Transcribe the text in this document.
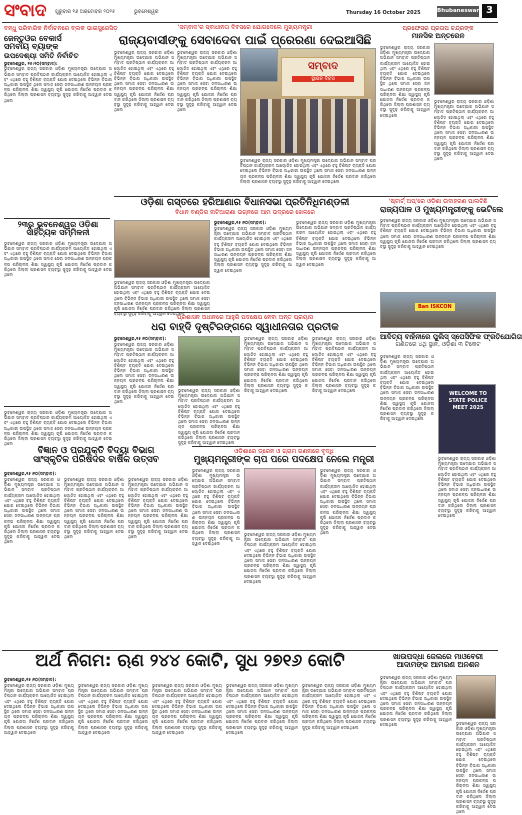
ସଂବାଦ ଗୁରୁବାର ୧୬ ଅକ୍ଟୋବର ୨୦୨୫	ଭୁବନେଶ୍ୱର	Thursday 16 October 2025	Bhubaneswar 3
ବନ୍ଧୁ ପରିବାରିକ ନିର୍ବାଚନରେ ବ୍ଲକ ଭାଇସ୍ପ୍ରେସିଡ଼
ଜେନ୍ତୁଓର ବେକାର୍ସ
ସମବାୟ ବ୍ୟାଙ୍କ
ଉପଦେଶ୍ୟା ସମିତି ନିର୍ବାଚିତ
ଭୁବନେଶ୍ୱର, ୧୫।୧୦(ସମ୍ବାଦ):
ଭୁବନେଶ୍ୱର ରାଜ୍ୟ ସରକାର ଓଡ଼ିଶା ମୁଖ୍ୟମନ୍ତ୍ରୀ ଉଦ୍ଯୋଗ ଅଭିଯାନ ସମ୍ବାଦ ପ୍ରତିଷ୍ଠାନ କାର୍ଯ୍ୟକ୍ରମ ଆୟୋଜିତ ହୋଇଥିଲା ଏବଂ ଏଥିରେ ବହୁ ବିଶିଷ୍ଟ ବ୍ୟକ୍ତି ଯୋଗ ଦେଇଥିଲେ ବିଭିନ୍ନ ବିଭାଗ ଅଧିକାରୀ ଉପସ୍ଥିତ ଥିଲେ ସମାଜ ସେବା ଜନସାଧାରଣ ଉନ୍ନୟନ ପ୍ରକଳ୍ପ ପରିଚାଳନା ଶିକ୍ଷା ସ୍ୱାସ୍ଥ୍ୟ କୃଷି ଯୋଜନା ନିର୍ଦ୍ଦେଶ ପ୍ରଦାନ କରିଥିଲେ ଜିଲ୍ଲା ପ୍ରଶାସନ ବ୍ୟବସ୍ଥା ସୁଦୃଢ଼ କରିବାକୁ ଆହ୍ୱାନ ଦେଇଥିଲେ
୨୩ରୁ ଭୁବନେଶ୍ୱର ଓଡ଼ିଶା
ସାହିତ୍ୟିକ ସମ୍ମିଳନୀ
ଭୁବନେଶ୍ୱର ରାଜ୍ୟ ସରକାର ଓଡ଼ିଶା ମୁଖ୍ୟମନ୍ତ୍ରୀ ଉଦ୍ଯୋଗ ଅଭିଯାନ ସମ୍ବାଦ ପ୍ରତିଷ୍ଠାନ କାର୍ଯ୍ୟକ୍ରମ ଆୟୋଜିତ ହୋଇଥିଲା ଏବଂ ଏଥିରେ ବହୁ ବିଶିଷ୍ଟ ବ୍ୟକ୍ତି ଯୋଗ ଦେଇଥିଲେ ବିଭିନ୍ନ ବିଭାଗ ଅଧିକାରୀ ଉପସ୍ଥିତ ଥିଲେ ସମାଜ ସେବା ଜନସାଧାରଣ ଉନ୍ନୟନ ପ୍ରକଳ୍ପ ପରିଚାଳନା ଶିକ୍ଷା ସ୍ୱାସ୍ଥ୍ୟ କୃଷି ଯୋଜନା ନିର୍ଦ୍ଦେଶ ପ୍ରଦାନ କରିଥିଲେ ଜିଲ୍ଲା ପ୍ରଶାସନ ବ୍ୟବସ୍ଥା ସୁଦୃଢ଼ କରିବାକୁ ଆହ୍ୱାନ ଦେଇଥିଲେ
'ସମ୍ବାଦ'ର ସ୍ବାଧୀନତା ଦିବସରେ ଯୋଗଦେଲେ ମୁଖ୍ୟମନ୍ତ୍ରୀ
ରାଜ୍ୟବାସୀଙ୍କୁ ସେବାଦେବା ପାଇଁ ପ୍ରେରଣା ଦେଇଆସିଛି
ଭୁବନେଶ୍ୱର ରାଜ୍ୟ ସରକାର ଓଡ଼ିଶା ମୁଖ୍ୟମନ୍ତ୍ରୀ ଉଦ୍ଯୋଗ ଅଭିଯାନ ସମ୍ବାଦ ପ୍ରତିଷ୍ଠାନ କାର୍ଯ୍ୟକ୍ରମ ଆୟୋଜିତ ହୋଇଥିଲା ଏବଂ ଏଥିରେ ବହୁ ବିଶିଷ୍ଟ ବ୍ୟକ୍ତି ଯୋଗ ଦେଇଥିଲେ ବିଭିନ୍ନ ବିଭାଗ ଅଧିକାରୀ ଉପସ୍ଥିତ ଥିଲେ ସମାଜ ସେବା ଜନସାଧାରଣ ଉନ୍ନୟନ ପ୍ରକଳ୍ପ ପରିଚାଳନା ଶିକ୍ଷା ସ୍ୱାସ୍ଥ୍ୟ କୃଷି ଯୋଜନା ନିର୍ଦ୍ଦେଶ ପ୍ରଦାନ କରିଥିଲେ ଜିଲ୍ଲା ପ୍ରଶାସନ ବ୍ୟବସ୍ଥା ସୁଦୃଢ଼ କରିବାକୁ ଆହ୍ୱାନ ଦେଇଥିଲେ
ଭୁବନେଶ୍ୱର ରାଜ୍ୟ ସରକାର ଓଡ଼ିଶା ମୁଖ୍ୟମନ୍ତ୍ରୀ ଉଦ୍ଯୋଗ ଅଭିଯାନ ସମ୍ବାଦ ପ୍ରତିଷ୍ଠାନ କାର୍ଯ୍ୟକ୍ରମ ଆୟୋଜିତ ହୋଇଥିଲା ଏବଂ ଏଥିରେ ବହୁ ବିଶିଷ୍ଟ ବ୍ୟକ୍ତି ଯୋଗ ଦେଇଥିଲେ ବିଭିନ୍ନ ବିଭାଗ ଅଧିକାରୀ ଉପସ୍ଥିତ ଥିଲେ ସମାଜ ସେବା ଜନସାଧାରଣ ଉନ୍ନୟନ ପ୍ରକଳ୍ପ ପରିଚାଳନା ଶିକ୍ଷା ସ୍ୱାସ୍ଥ୍ୟ କୃଷି ଯୋଜନା ନିର୍ଦ୍ଦେଶ ପ୍ରଦାନ କରିଥିଲେ ଜିଲ୍ଲା ପ୍ରଶାସନ ବ୍ୟବସ୍ଥା ସୁଦୃଢ଼ କରିବାକୁ ଆହ୍ୱାନ ଦେଇଥିଲେ
ସମ୍ବାଦ
ସ୍ଥାପନ ଦିବସ
ଭୁବନେଶ୍ୱର ରାଜ୍ୟ ସରକାର ଓଡ଼ିଶା ମୁଖ୍ୟମନ୍ତ୍ରୀ ଉଦ୍ଯୋଗ ଅଭିଯାନ ସମ୍ବାଦ ପ୍ରତିଷ୍ଠାନ କାର୍ଯ୍ୟକ୍ରମ ଆୟୋଜିତ ହୋଇଥିଲା ଏବଂ ଏଥିରେ ବହୁ ବିଶିଷ୍ଟ ବ୍ୟକ୍ତି ଯୋଗ ଦେଇଥିଲେ ବିଭିନ୍ନ ବିଭାଗ ଅଧିକାରୀ ଉପସ୍ଥିତ ଥିଲେ ସମାଜ ସେବା ଜନସାଧାରଣ ଉନ୍ନୟନ ପ୍ରକଳ୍ପ ପରିଚାଳନା ଶିକ୍ଷା ସ୍ୱାସ୍ଥ୍ୟ କୃଷି ଯୋଜନା ନିର୍ଦ୍ଦେଶ ପ୍ରଦାନ କରିଥିଲେ ଜିଲ୍ଲା ପ୍ରଶାସନ ବ୍ୟବସ୍ଥା ସୁଦୃଢ଼ କରିବାକୁ ଆହ୍ୱାନ ଦେଇଥିଲେ
ପ୍ରଫେସର ପ୍ରତାପ ଚନ୍ଦ୍ରଙ୍କ
ମାନସିକ ଅନ୍ତରେନ
ଭୁବନେଶ୍ୱର ରାଜ୍ୟ ସରକାର ଓଡ଼ିଶା ମୁଖ୍ୟମନ୍ତ୍ରୀ ଉଦ୍ଯୋଗ ଅଭିଯାନ ସମ୍ବାଦ ପ୍ରତିଷ୍ଠାନ କାର୍ଯ୍ୟକ୍ରମ ଆୟୋଜିତ ହୋଇଥିଲା ଏବଂ ଏଥିରେ ବହୁ ବିଶିଷ୍ଟ ବ୍ୟକ୍ତି ଯୋଗ ଦେଇଥିଲେ ବିଭିନ୍ନ ବିଭାଗ ଅଧିକାରୀ ଉପସ୍ଥିତ ଥିଲେ ସମାଜ ସେବା ଜନସାଧାରଣ ଉନ୍ନୟନ ପ୍ରକଳ୍ପ ପରିଚାଳନା ଶିକ୍ଷା ସ୍ୱାସ୍ଥ୍ୟ କୃଷି ଯୋଜନା ନିର୍ଦ୍ଦେଶ ପ୍ରଦାନ କରିଥିଲେ ଜିଲ୍ଲା ପ୍ରଶାସନ ବ୍ୟବସ୍ଥା ସୁଦୃଢ଼ କରିବାକୁ ଆହ୍ୱାନ ଦେଇଥିଲେ
ଭୁବନେଶ୍ୱର ରାଜ୍ୟ ସରକାର ଓଡ଼ିଶା ମୁଖ୍ୟମନ୍ତ୍ରୀ ଉଦ୍ଯୋଗ ଅଭିଯାନ ସମ୍ବାଦ ପ୍ରତିଷ୍ଠାନ କାର୍ଯ୍ୟକ୍ରମ ଆୟୋଜିତ ହୋଇଥିଲା ଏବଂ ଏଥିରେ ବହୁ ବିଶିଷ୍ଟ ବ୍ୟକ୍ତି ଯୋଗ ଦେଇଥିଲେ ବିଭିନ୍ନ ବିଭାଗ ଅଧିକାରୀ ଉପସ୍ଥିତ ଥିଲେ ସମାଜ ସେବା ଜନସାଧାରଣ ଉନ୍ନୟନ ପ୍ରକଳ୍ପ ପରିଚାଳନା ଶିକ୍ଷା ସ୍ୱାସ୍ଥ୍ୟ କୃଷି ଯୋଜନା ନିର୍ଦ୍ଦେଶ ପ୍ରଦାନ କରିଥିଲେ ଜିଲ୍ଲା ପ୍ରଶାସନ ବ୍ୟବସ୍ଥା ସୁଦୃଢ଼ କରିବାକୁ ଆହ୍ୱାନ ଦେଇଥିଲେ
ଓଡ଼ିଶା ଗସ୍ତରେ ହରିଆଣାର ବିଧାନସଭା ପ୍ରତିନିଧିମଣ୍ଡଳୀ
ବିଧାନ ବଣ୍ଡିର ନାଟିଆରାଣା ଭଗ୍ନରେ ଆମ ଭଦ୍ରରେ ଖେଳରେ
ଭୁବନେଶ୍ୱର ରାଜ୍ୟ ସରକାର ଓଡ଼ିଶା ମୁଖ୍ୟମନ୍ତ୍ରୀ ଉଦ୍ଯୋଗ ଅଭିଯାନ ସମ୍ବାଦ ପ୍ରତିଷ୍ଠାନ କାର୍ଯ୍ୟକ୍ରମ ଆୟୋଜିତ ହୋଇଥିଲା ଏବଂ ଏଥିରେ ବହୁ ବିଶିଷ୍ଟ ବ୍ୟକ୍ତି ଯୋଗ ଦେଇଥିଲେ ବିଭିନ୍ନ ବିଭାଗ ଅଧିକାରୀ ଉପସ୍ଥିତ ଥିଲେ ସମାଜ ସେବା ଜନସାଧାରଣ ଉନ୍ନୟନ ପ୍ରକଳ୍ପ ପରିଚାଳନା ଶିକ୍ଷା ସ୍ୱାସ୍ଥ୍ୟ କୃଷି ଯୋଜନା ନିର୍ଦ୍ଦେଶ ପ୍ରଦାନ କରିଥିଲେ ଜିଲ୍ଲା ପ୍ରଶାସନ ବ୍ୟବସ୍ଥା ସୁଦୃଢ଼ କରିବାକୁ ଆହ୍ୱାନ ଦେଇଥିଲେ
ଭୁବନେଶ୍ୱର,୧୫।୧୦(ସମ୍ବାଦ):
ଭୁବନେଶ୍ୱର ରାଜ୍ୟ ସରକାର ଓଡ଼ିଶା ମୁଖ୍ୟମନ୍ତ୍ରୀ ଉଦ୍ଯୋଗ ଅଭିଯାନ ସମ୍ବାଦ ପ୍ରତିଷ୍ଠାନ କାର୍ଯ୍ୟକ୍ରମ ଆୟୋଜିତ ହୋଇଥିଲା ଏବଂ ଏଥିରେ ବହୁ ବିଶିଷ୍ଟ ବ୍ୟକ୍ତି ଯୋଗ ଦେଇଥିଲେ ବିଭିନ୍ନ ବିଭାଗ ଅଧିକାରୀ ଉପସ୍ଥିତ ଥିଲେ ସମାଜ ସେବା ଜନସାଧାରଣ ଉନ୍ନୟନ ପ୍ରକଳ୍ପ ପରିଚାଳନା ଶିକ୍ଷା ସ୍ୱାସ୍ଥ୍ୟ କୃଷି ଯୋଜନା ନିର୍ଦ୍ଦେଶ ପ୍ରଦାନ କରିଥିଲେ ଜିଲ୍ଲା ପ୍ରଶାସନ ବ୍ୟବସ୍ଥା ସୁଦୃଢ଼ କରିବାକୁ ଆହ୍ୱାନ ଦେଇଥିଲେ
ଭୁବନେଶ୍ୱର ରାଜ୍ୟ ସରକାର ଓଡ଼ିଶା ମୁଖ୍ୟମନ୍ତ୍ରୀ ଉଦ୍ଯୋଗ ଅଭିଯାନ ସମ୍ବାଦ ପ୍ରତିଷ୍ଠାନ କାର୍ଯ୍ୟକ୍ରମ ଆୟୋଜିତ ହୋଇଥିଲା ଏବଂ ଏଥିରେ ବହୁ ବିଶିଷ୍ଟ ବ୍ୟକ୍ତି ଯୋଗ ଦେଇଥିଲେ ବିଭିନ୍ନ ବିଭାଗ ଅଧିକାରୀ ଉପସ୍ଥିତ ଥିଲେ ସମାଜ ସେବା ଜନସାଧାରଣ ଉନ୍ନୟନ ପ୍ରକଳ୍ପ ପରିଚାଳନା ଶିକ୍ଷା ସ୍ୱାସ୍ଥ୍ୟ କୃଷି ଯୋଜନା ନିର୍ଦ୍ଦେଶ ପ୍ରଦାନ କରିଥିଲେ ଜିଲ୍ଲା ପ୍ରଶାସନ ବ୍ୟବସ୍ଥା ସୁଦୃଢ଼ କରିବାକୁ ଆହ୍ୱାନ ଦେଇଥିଲେ
'ଷ୍ଟାର୍ଟ୍ ଅପ୍'ରେ ଓଡ଼ିଶା ଉଦାହରଣ ପାଲଟିଛି
ରାଜ୍ୟପାଳ ଓ ମୁଖ୍ୟମନ୍ତ୍ରୀଙ୍କୁ ଭେଟିଲେ
ଭୁବନେଶ୍ୱର ରାଜ୍ୟ ସରକାର ଓଡ଼ିଶା ମୁଖ୍ୟମନ୍ତ୍ରୀ ଉଦ୍ଯୋଗ ଅଭିଯାନ ସମ୍ବାଦ ପ୍ରତିଷ୍ଠାନ କାର୍ଯ୍ୟକ୍ରମ ଆୟୋଜିତ ହୋଇଥିଲା ଏବଂ ଏଥିରେ ବହୁ ବିଶିଷ୍ଟ ବ୍ୟକ୍ତି ଯୋଗ ଦେଇଥିଲେ ବିଭିନ୍ନ ବିଭାଗ ଅଧିକାରୀ ଉପସ୍ଥିତ ଥିଲେ ସମାଜ ସେବା ଜନସାଧାରଣ ଉନ୍ନୟନ ପ୍ରକଳ୍ପ ପରିଚାଳନା ଶିକ୍ଷା ସ୍ୱାସ୍ଥ୍ୟ କୃଷି ଯୋଜନା ନିର୍ଦ୍ଦେଶ ପ୍ରଦାନ କରିଥିଲେ ଜିଲ୍ଲା ପ୍ରଶାସନ ବ୍ୟବସ୍ଥା ସୁଦୃଢ଼ କରିବାକୁ ଆହ୍ୱାନ ଦେଇଥିଲେ
Ban ISKCON
ପ୍ରଶାସନ ଅଧୀନରେ ଆହୁରି ପଦକ୍ଷେପ ନେବା ଅନ୍ତ ପ୍ରୟାସ
ଧରା ବାହ୍ଦି ଦୃଷ୍ଟିରଙ୍ଗରେ ସ୍ୱାଧୀନତାର ପ୍ରତୀକ
ଭୁବନେଶ୍ୱର,୧୫।୧୦(ସମ୍ବାଦ):
ଭୁବନେଶ୍ୱର ରାଜ୍ୟ ସରକାର ଓଡ଼ିଶା ମୁଖ୍ୟମନ୍ତ୍ରୀ ଉଦ୍ଯୋଗ ଅଭିଯାନ ସମ୍ବାଦ ପ୍ରତିଷ୍ଠାନ କାର୍ଯ୍ୟକ୍ରମ ଆୟୋଜିତ ହୋଇଥିଲା ଏବଂ ଏଥିରେ ବହୁ ବିଶିଷ୍ଟ ବ୍ୟକ୍ତି ଯୋଗ ଦେଇଥିଲେ ବିଭିନ୍ନ ବିଭାଗ ଅଧିକାରୀ ଉପସ୍ଥିତ ଥିଲେ ସମାଜ ସେବା ଜନସାଧାରଣ ଉନ୍ନୟନ ପ୍ରକଳ୍ପ ପରିଚାଳନା ଶିକ୍ଷା ସ୍ୱାସ୍ଥ୍ୟ କୃଷି ଯୋଜନା ନିର୍ଦ୍ଦେଶ ପ୍ରଦାନ କରିଥିଲେ ଜିଲ୍ଲା ପ୍ରଶାସନ ବ୍ୟବସ୍ଥା ସୁଦୃଢ଼ କରିବାକୁ ଆହ୍ୱାନ ଦେଇଥିଲେ
ଭୁବନେଶ୍ୱର ରାଜ୍ୟ ସରକାର ଓଡ଼ିଶା ମୁଖ୍ୟମନ୍ତ୍ରୀ ଉଦ୍ଯୋଗ ଅଭିଯାନ ସମ୍ବାଦ ପ୍ରତିଷ୍ଠାନ କାର୍ଯ୍ୟକ୍ରମ ଆୟୋଜିତ ହୋଇଥିଲା ଏବଂ ଏଥିରେ ବହୁ ବିଶିଷ୍ଟ ବ୍ୟକ୍ତି ଯୋଗ ଦେଇଥିଲେ ବିଭିନ୍ନ ବିଭାଗ ଅଧିକାରୀ ଉପସ୍ଥିତ ଥିଲେ ସମାଜ ସେବା ଜନସାଧାରଣ ଉନ୍ନୟନ ପ୍ରକଳ୍ପ ପରିଚାଳନା ଶିକ୍ଷା ସ୍ୱାସ୍ଥ୍ୟ କୃଷି ଯୋଜନା ନିର୍ଦ୍ଦେଶ ପ୍ରଦାନ କରିଥିଲେ ଜିଲ୍ଲା ପ୍ରଶାସନ ବ୍ୟବସ୍ଥା ସୁଦୃଢ଼ କରିବାକୁ ଆହ୍ୱାନ ଦେଇଥିଲେ
ଭୁବନେଶ୍ୱର ରାଜ୍ୟ ସରକାର ଓଡ଼ିଶା ମୁଖ୍ୟମନ୍ତ୍ରୀ ଉଦ୍ଯୋଗ ଅଭିଯାନ ସମ୍ବାଦ ପ୍ରତିଷ୍ଠାନ କାର୍ଯ୍ୟକ୍ରମ ଆୟୋଜିତ ହୋଇଥିଲା ଏବଂ ଏଥିରେ ବହୁ ବିଶିଷ୍ଟ ବ୍ୟକ୍ତି ଯୋଗ ଦେଇଥିଲେ ବିଭିନ୍ନ ବିଭାଗ ଅଧିକାରୀ ଉପସ୍ଥିତ ଥିଲେ ସମାଜ ସେବା ଜନସାଧାରଣ ଉନ୍ନୟନ ପ୍ରକଳ୍ପ ପରିଚାଳନା ଶିକ୍ଷା ସ୍ୱାସ୍ଥ୍ୟ କୃଷି ଯୋଜନା ନିର୍ଦ୍ଦେଶ ପ୍ରଦାନ କରିଥିଲେ ଜିଲ୍ଲା ପ୍ରଶାସନ ବ୍ୟବସ୍ଥା ସୁଦୃଢ଼ କରିବାକୁ ଆହ୍ୱାନ ଦେଇଥିଲେ
ଭୁବନେଶ୍ୱର ରାଜ୍ୟ ସରକାର ଓଡ଼ିଶା ମୁଖ୍ୟମନ୍ତ୍ରୀ ଉଦ୍ଯୋଗ ଅଭିଯାନ ସମ୍ବାଦ ପ୍ରତିଷ୍ଠାନ କାର୍ଯ୍ୟକ୍ରମ ଆୟୋଜିତ ହୋଇଥିଲା ଏବଂ ଏଥିରେ ବହୁ ବିଶିଷ୍ଟ ବ୍ୟକ୍ତି ଯୋଗ ଦେଇଥିଲେ ବିଭିନ୍ନ ବିଭାଗ ଅଧିକାରୀ ଉପସ୍ଥିତ ଥିଲେ ସମାଜ ସେବା ଜନସାଧାରଣ ଉନ୍ନୟନ ପ୍ରକଳ୍ପ ପରିଚାଳନା ଶିକ୍ଷା ସ୍ୱାସ୍ଥ୍ୟ କୃଷି ଯୋଜନା ନିର୍ଦ୍ଦେଶ ପ୍ରଦାନ କରିଥିଲେ ଜିଲ୍ଲା ପ୍ରଶାସନ ବ୍ୟବସ୍ଥା ସୁଦୃଢ଼ କରିବାକୁ ଆହ୍ୱାନ ଦେଇଥିଲେ
ଆଦିତ୍ୟ ବାହିନୀରେ ପୁଲିସ୍ ସ୍ପେସିଫିକ ଫ୍ରତିଯୋଗିତା
ଗଣିତରେ ୪ଥି ସ୍ଥାନ, ଓଡ଼ିଶା ୩ ଟିକେଟ
ଭୁବନେଶ୍ୱର ରାଜ୍ୟ ସରକାର ଓଡ଼ିଶା ମୁଖ୍ୟମନ୍ତ୍ରୀ ଉଦ୍ଯୋଗ ଅଭିଯାନ ସମ୍ବାଦ ପ୍ରତିଷ୍ଠାନ କାର୍ଯ୍ୟକ୍ରମ ଆୟୋଜିତ ହୋଇଥିଲା ଏବଂ ଏଥିରେ ବହୁ ବିଶିଷ୍ଟ ବ୍ୟକ୍ତି ଯୋଗ ଦେଇଥିଲେ ବିଭିନ୍ନ ବିଭାଗ ଅଧିକାରୀ ଉପସ୍ଥିତ ଥିଲେ ସମାଜ ସେବା ଜନସାଧାରଣ ଉନ୍ନୟନ ପ୍ରକଳ୍ପ ପରିଚାଳନା ଶିକ୍ଷା ସ୍ୱାସ୍ଥ୍ୟ କୃଷି ଯୋଜନା ନିର୍ଦ୍ଦେଶ ପ୍ରଦାନ କରିଥିଲେ ଜିଲ୍ଲା ପ୍ରଶାସନ ବ୍ୟବସ୍ଥା ସୁଦୃଢ଼ କରିବାକୁ ଆହ୍ୱାନ ଦେଇଥିଲେ
WELCOME TO STATE POLICE MEET 2025
ଭୁବନେଶ୍ୱର ରାଜ୍ୟ ସରକାର ଓଡ଼ିଶା ମୁଖ୍ୟମନ୍ତ୍ରୀ ଉଦ୍ଯୋଗ ଅଭିଯାନ ସମ୍ବାଦ ପ୍ରତିଷ୍ଠାନ କାର୍ଯ୍ୟକ୍ରମ ଆୟୋଜିତ ହୋଇଥିଲା ଏବଂ ଏଥିରେ ବହୁ ବିଶିଷ୍ଟ ବ୍ୟକ୍ତି ଯୋଗ ଦେଇଥିଲେ ବିଭିନ୍ନ ବିଭାଗ ଅଧିକାରୀ ଉପସ୍ଥିତ ଥିଲେ ସମାଜ ସେବା ଜନସାଧାରଣ ଉନ୍ନୟନ ପ୍ରକଳ୍ପ ପରିଚାଳନା ଶିକ୍ଷା ସ୍ୱାସ୍ଥ୍ୟ କୃଷି ଯୋଜନା ନିର୍ଦ୍ଦେଶ ପ୍ରଦାନ କରିଥିଲେ ଜିଲ୍ଲା ପ୍ରଶାସନ ବ୍ୟବସ୍ଥା ସୁଦୃଢ଼ କରିବାକୁ ଆହ୍ୱାନ ଦେଇଥିଲେ
ବିଜ୍ଞାନ ଓ ପ୍ରଯୁକ୍ତି ବିଦ୍ୟା ବିଭାଗ
ସାଂସ୍କୃତିକ ପରିଷଦର ବାର୍ଷିକ ଉତ୍ସବ
ଭୁବନେଶ୍ୱର,୧୫।୧୦(ସମ୍ବାଦ):
ଭୁବନେଶ୍ୱର ରାଜ୍ୟ ସରକାର ଓଡ଼ିଶା ମୁଖ୍ୟମନ୍ତ୍ରୀ ଉଦ୍ଯୋଗ ଅଭିଯାନ ସମ୍ବାଦ ପ୍ରତିଷ୍ଠାନ କାର୍ଯ୍ୟକ୍ରମ ଆୟୋଜିତ ହୋଇଥିଲା ଏବଂ ଏଥିରେ ବହୁ ବିଶିଷ୍ଟ ବ୍ୟକ୍ତି ଯୋଗ ଦେଇଥିଲେ ବିଭିନ୍ନ ବିଭାଗ ଅଧିକାରୀ ଉପସ୍ଥିତ ଥିଲେ ସମାଜ ସେବା ଜନସାଧାରଣ ଉନ୍ନୟନ ପ୍ରକଳ୍ପ ପରିଚାଳନା ଶିକ୍ଷା ସ୍ୱାସ୍ଥ୍ୟ କୃଷି ଯୋଜନା ନିର୍ଦ୍ଦେଶ ପ୍ରଦାନ କରିଥିଲେ ଜିଲ୍ଲା ପ୍ରଶାସନ ବ୍ୟବସ୍ଥା ସୁଦୃଢ଼ କରିବାକୁ ଆହ୍ୱାନ ଦେଇଥିଲେ
ଭୁବନେଶ୍ୱର ରାଜ୍ୟ ସରକାର ଓଡ଼ିଶା ମୁଖ୍ୟମନ୍ତ୍ରୀ ଉଦ୍ଯୋଗ ଅଭିଯାନ ସମ୍ବାଦ ପ୍ରତିଷ୍ଠାନ କାର୍ଯ୍ୟକ୍ରମ ଆୟୋଜିତ ହୋଇଥିଲା ଏବଂ ଏଥିରେ ବହୁ ବିଶିଷ୍ଟ ବ୍ୟକ୍ତି ଯୋଗ ଦେଇଥିଲେ ବିଭିନ୍ନ ବିଭାଗ ଅଧିକାରୀ ଉପସ୍ଥିତ ଥିଲେ ସମାଜ ସେବା ଜନସାଧାରଣ ଉନ୍ନୟନ ପ୍ରକଳ୍ପ ପରିଚାଳନା ଶିକ୍ଷା ସ୍ୱାସ୍ଥ୍ୟ କୃଷି ଯୋଜନା ନିର୍ଦ୍ଦେଶ ପ୍ରଦାନ କରିଥିଲେ ଜିଲ୍ଲା ପ୍ରଶାସନ ବ୍ୟବସ୍ଥା ସୁଦୃଢ଼ କରିବାକୁ ଆହ୍ୱାନ ଦେଇଥିଲେ
ଭୁବନେଶ୍ୱର ରାଜ୍ୟ ସରକାର ଓଡ଼ିଶା ମୁଖ୍ୟମନ୍ତ୍ରୀ ଉଦ୍ଯୋଗ ଅଭିଯାନ ସମ୍ବାଦ ପ୍ରତିଷ୍ଠାନ କାର୍ଯ୍ୟକ୍ରମ ଆୟୋଜିତ ହୋଇଥିଲା ଏବଂ ଏଥିରେ ବହୁ ବିଶିଷ୍ଟ ବ୍ୟକ୍ତି ଯୋଗ ଦେଇଥିଲେ ବିଭିନ୍ନ ବିଭାଗ ଅଧିକାରୀ ଉପସ୍ଥିତ ଥିଲେ ସମାଜ ସେବା ଜନସାଧାରଣ ଉନ୍ନୟନ ପ୍ରକଳ୍ପ ପରିଚାଳନା ଶିକ୍ଷା ସ୍ୱାସ୍ଥ୍ୟ କୃଷି ଯୋଜନା ନିର୍ଦ୍ଦେଶ ପ୍ରଦାନ କରିଥିଲେ ଜିଲ୍ଲା ପ୍ରଶାସନ ବ୍ୟବସ୍ଥା ସୁଦୃଢ଼ କରିବାକୁ ଆହ୍ୱାନ ଦେଇଥିଲେ
ଭୁବନେଶ୍ୱର ରାଜ୍ୟ ସରକାର ଓଡ଼ିଶା ମୁଖ୍ୟମନ୍ତ୍ରୀ ଉଦ୍ଯୋଗ ଅଭିଯାନ ସମ୍ବାଦ ପ୍ରତିଷ୍ଠାନ କାର୍ଯ୍ୟକ୍ରମ ଆୟୋଜିତ ହୋଇଥିଲା ଏବଂ ଏଥିରେ ବହୁ ବିଶିଷ୍ଟ ବ୍ୟକ୍ତି ଯୋଗ ଦେଇଥିଲେ ବିଭିନ୍ନ ବିଭାଗ ଅଧିକାରୀ ଉପସ୍ଥିତ ଥିଲେ ସମାଜ ସେବା ଜନସାଧାରଣ ଉନ୍ନୟନ ପ୍ରକଳ୍ପ ପରିଚାଳନା ଶିକ୍ଷା ସ୍ୱାସ୍ଥ୍ୟ କୃଷି ଯୋଜନା ନିର୍ଦ୍ଦେଶ ପ୍ରଦାନ କରିଥିଲେ ଜିଲ୍ଲା ପ୍ରଶାସନ ବ୍ୟବସ୍ଥା ସୁଦୃଢ଼ କରିବାକୁ ଆହ୍ୱାନ ଦେଇଥିଲେ
ଓଡ଼ିଶାରେ ଡ୍ରେନ ଓ ଗ୍ରାମ ଗଣନାରେ ବୃଦ୍ଧି
ମୁଖ୍ୟମନ୍ତ୍ରୀଙ୍କ ଚାପ ପରେ ପଦକ୍ଷେପ ନେଲେ ମନ୍ତ୍ରୀ
ଭୁବନେଶ୍ୱର ରାଜ୍ୟ ସରକାର ଓଡ଼ିଶା ମୁଖ୍ୟମନ୍ତ୍ରୀ ଉଦ୍ଯୋଗ ଅଭିଯାନ ସମ୍ବାଦ ପ୍ରତିଷ୍ଠାନ କାର୍ଯ୍ୟକ୍ରମ ଆୟୋଜିତ ହୋଇଥିଲା ଏବଂ ଏଥିରେ ବହୁ ବିଶିଷ୍ଟ ବ୍ୟକ୍ତି ଯୋଗ ଦେଇଥିଲେ ବିଭିନ୍ନ ବିଭାଗ ଅଧିକାରୀ ଉପସ୍ଥିତ ଥିଲେ ସମାଜ ସେବା ଜନସାଧାରଣ ଉନ୍ନୟନ ପ୍ରକଳ୍ପ ପରିଚାଳନା ଶିକ୍ଷା ସ୍ୱାସ୍ଥ୍ୟ କୃଷି ଯୋଜନା ନିର୍ଦ୍ଦେଶ ପ୍ରଦାନ କରିଥିଲେ ଜିଲ୍ଲା ପ୍ରଶାସନ ବ୍ୟବସ୍ଥା ସୁଦୃଢ଼ କରିବାକୁ ଆହ୍ୱାନ ଦେଇଥିଲେ
ଭୁବନେଶ୍ୱର ରାଜ୍ୟ ସରକାର ଓଡ଼ିଶା ମୁଖ୍ୟମନ୍ତ୍ରୀ ଉଦ୍ଯୋଗ ଅଭିଯାନ ସମ୍ବାଦ ପ୍ରତିଷ୍ଠାନ କାର୍ଯ୍ୟକ୍ରମ ଆୟୋଜିତ ହୋଇଥିଲା ଏବଂ ଏଥିରେ ବହୁ ବିଶିଷ୍ଟ ବ୍ୟକ୍ତି ଯୋଗ ଦେଇଥିଲେ ବିଭିନ୍ନ ବିଭାଗ ଅଧିକାରୀ ଉପସ୍ଥିତ ଥିଲେ ସମାଜ ସେବା ଜନସାଧାରଣ ଉନ୍ନୟନ ପ୍ରକଳ୍ପ ପରିଚାଳନା ଶିକ୍ଷା ସ୍ୱାସ୍ଥ୍ୟ କୃଷି ଯୋଜନା ନିର୍ଦ୍ଦେଶ ପ୍ରଦାନ କରିଥିଲେ ଜିଲ୍ଲା ପ୍ରଶାସନ ବ୍ୟବସ୍ଥା ସୁଦୃଢ଼ କରିବାକୁ ଆହ୍ୱାନ ଦେଇଥିଲେ
ଭୁବନେଶ୍ୱର ରାଜ୍ୟ ସରକାର ଓଡ଼ିଶା ମୁଖ୍ୟମନ୍ତ୍ରୀ ଉଦ୍ଯୋଗ ଅଭିଯାନ ସମ୍ବାଦ ପ୍ରତିଷ୍ଠାନ କାର୍ଯ୍ୟକ୍ରମ ଆୟୋଜିତ ହୋଇଥିଲା ଏବଂ ଏଥିରେ ବହୁ ବିଶିଷ୍ଟ ବ୍ୟକ୍ତି ଯୋଗ ଦେଇଥିଲେ ବିଭିନ୍ନ ବିଭାଗ ଅଧିକାରୀ ଉପସ୍ଥିତ ଥିଲେ ସମାଜ ସେବା ଜନସାଧାରଣ ଉନ୍ନୟନ ପ୍ରକଳ୍ପ ପରିଚାଳନା ଶିକ୍ଷା ସ୍ୱାସ୍ଥ୍ୟ କୃଷି ଯୋଜନା ନିର୍ଦ୍ଦେଶ ପ୍ରଦାନ କରିଥିଲେ ଜିଲ୍ଲା ପ୍ରଶାସନ ବ୍ୟବସ୍ଥା ସୁଦୃଢ଼ କରିବାକୁ ଆହ୍ୱାନ ଦେଇଥିଲେ
ଅର୍ଥ ନିଗମ: ଋଣ ୨୪୪ କୋଟି, ସୁଧ ୨୭୧୬ କୋଟି
ଭୁବନେଶ୍ୱର,୧୫।୧୦(ସମ୍ବାଦ):
ଭୁବନେଶ୍ୱର ରାଜ୍ୟ ସରକାର ଓଡ଼ିଶା ମୁଖ୍ୟମନ୍ତ୍ରୀ ଉଦ୍ଯୋଗ ଅଭିଯାନ ସମ୍ବାଦ ପ୍ରତିଷ୍ଠାନ କାର୍ଯ୍ୟକ୍ରମ ଆୟୋଜିତ ହୋଇଥିଲା ଏବଂ ଏଥିରେ ବହୁ ବିଶିଷ୍ଟ ବ୍ୟକ୍ତି ଯୋଗ ଦେଇଥିଲେ ବିଭିନ୍ନ ବିଭାଗ ଅଧିକାରୀ ଉପସ୍ଥିତ ଥିଲେ ସମାଜ ସେବା ଜନସାଧାରଣ ଉନ୍ନୟନ ପ୍ରକଳ୍ପ ପରିଚାଳନା ଶିକ୍ଷା ସ୍ୱାସ୍ଥ୍ୟ କୃଷି ଯୋଜନା ନିର୍ଦ୍ଦେଶ ପ୍ରଦାନ କରିଥିଲେ ଜିଲ୍ଲା ପ୍ରଶାସନ ବ୍ୟବସ୍ଥା ସୁଦୃଢ଼ କରିବାକୁ ଆହ୍ୱାନ ଦେଇଥିଲେ
ଭୁବନେଶ୍ୱର ରାଜ୍ୟ ସରକାର ଓଡ଼ିଶା ମୁଖ୍ୟମନ୍ତ୍ରୀ ଉଦ୍ଯୋଗ ଅଭିଯାନ ସମ୍ବାଦ ପ୍ରତିଷ୍ଠାନ କାର୍ଯ୍ୟକ୍ରମ ଆୟୋଜିତ ହୋଇଥିଲା ଏବଂ ଏଥିରେ ବହୁ ବିଶିଷ୍ଟ ବ୍ୟକ୍ତି ଯୋଗ ଦେଇଥିଲେ ବିଭିନ୍ନ ବିଭାଗ ଅଧିକାରୀ ଉପସ୍ଥିତ ଥିଲେ ସମାଜ ସେବା ଜନସାଧାରଣ ଉନ୍ନୟନ ପ୍ରକଳ୍ପ ପରିଚାଳନା ଶିକ୍ଷା ସ୍ୱାସ୍ଥ୍ୟ କୃଷି ଯୋଜନା ନିର୍ଦ୍ଦେଶ ପ୍ରଦାନ କରିଥିଲେ ଜିଲ୍ଲା ପ୍ରଶାସନ ବ୍ୟବସ୍ଥା ସୁଦୃଢ଼ କରିବାକୁ ଆହ୍ୱାନ ଦେଇଥିଲେ
ଭୁବନେଶ୍ୱର ରାଜ୍ୟ ସରକାର ଓଡ଼ିଶା ମୁଖ୍ୟମନ୍ତ୍ରୀ ଉଦ୍ଯୋଗ ଅଭିଯାନ ସମ୍ବାଦ ପ୍ରତିଷ୍ଠାନ କାର୍ଯ୍ୟକ୍ରମ ଆୟୋଜିତ ହୋଇଥିଲା ଏବଂ ଏଥିରେ ବହୁ ବିଶିଷ୍ଟ ବ୍ୟକ୍ତି ଯୋଗ ଦେଇଥିଲେ ବିଭିନ୍ନ ବିଭାଗ ଅଧିକାରୀ ଉପସ୍ଥିତ ଥିଲେ ସମାଜ ସେବା ଜନସାଧାରଣ ଉନ୍ନୟନ ପ୍ରକଳ୍ପ ପରିଚାଳନା ଶିକ୍ଷା ସ୍ୱାସ୍ଥ୍ୟ କୃଷି ଯୋଜନା ନିର୍ଦ୍ଦେଶ ପ୍ରଦାନ କରିଥିଲେ ଜିଲ୍ଲା ପ୍ରଶାସନ ବ୍ୟବସ୍ଥା ସୁଦୃଢ଼ କରିବାକୁ ଆହ୍ୱାନ ଦେଇଥିଲେ
ଭୁବନେଶ୍ୱର ରାଜ୍ୟ ସରକାର ଓଡ଼ିଶା ମୁଖ୍ୟମନ୍ତ୍ରୀ ଉଦ୍ଯୋଗ ଅଭିଯାନ ସମ୍ବାଦ ପ୍ରତିଷ୍ଠାନ କାର୍ଯ୍ୟକ୍ରମ ଆୟୋଜିତ ହୋଇଥିଲା ଏବଂ ଏଥିରେ ବହୁ ବିଶିଷ୍ଟ ବ୍ୟକ୍ତି ଯୋଗ ଦେଇଥିଲେ ବିଭିନ୍ନ ବିଭାଗ ଅଧିକାରୀ ଉପସ୍ଥିତ ଥିଲେ ସମାଜ ସେବା ଜନସାଧାରଣ ଉନ୍ନୟନ ପ୍ରକଳ୍ପ ପରିଚାଳନା ଶିକ୍ଷା ସ୍ୱାସ୍ଥ୍ୟ କୃଷି ଯୋଜନା ନିର୍ଦ୍ଦେଶ ପ୍ରଦାନ କରିଥିଲେ ଜିଲ୍ଲା ପ୍ରଶାସନ ବ୍ୟବସ୍ଥା ସୁଦୃଢ଼ କରିବାକୁ ଆହ୍ୱାନ ଦେଇଥିଲେ
ଭୁବନେଶ୍ୱର ରାଜ୍ୟ ସରକାର ଓଡ଼ିଶା ମୁଖ୍ୟମନ୍ତ୍ରୀ ଉଦ୍ଯୋଗ ଅଭିଯାନ ସମ୍ବାଦ ପ୍ରତିଷ୍ଠାନ କାର୍ଯ୍ୟକ୍ରମ ଆୟୋଜିତ ହୋଇଥିଲା ଏବଂ ଏଥିରେ ବହୁ ବିଶିଷ୍ଟ ବ୍ୟକ୍ତି ଯୋଗ ଦେଇଥିଲେ ବିଭିନ୍ନ ବିଭାଗ ଅଧିକାରୀ ଉପସ୍ଥିତ ଥିଲେ ସମାଜ ସେବା ଜନସାଧାରଣ ଉନ୍ନୟନ ପ୍ରକଳ୍ପ ପରିଚାଳନା ଶିକ୍ଷା ସ୍ୱାସ୍ଥ୍ୟ କୃଷି ଯୋଜନା ନିର୍ଦ୍ଦେଶ ପ୍ରଦାନ କରିଥିଲେ ଜିଲ୍ଲା ପ୍ରଶାସନ ବ୍ୟବସ୍ଥା ସୁଦୃଢ଼ କରିବାକୁ ଆହ୍ୱାନ ଦେଇଥିଲେ
ଖାଉପଦ୍ଧା ଜେଲରେ ମାଓବେରୀ
ଆଦାମଙ୍କ ଆମରଣ ଅନଶନ
ଭୁବନେଶ୍ୱର ରାଜ୍ୟ ସରକାର ଓଡ଼ିଶା ମୁଖ୍ୟମନ୍ତ୍ରୀ ଉଦ୍ଯୋଗ ଅଭିଯାନ ସମ୍ବାଦ ପ୍ରତିଷ୍ଠାନ କାର୍ଯ୍ୟକ୍ରମ ଆୟୋଜିତ ହୋଇଥିଲା ଏବଂ ଏଥିରେ ବହୁ ବିଶିଷ୍ଟ ବ୍ୟକ୍ତି ଯୋଗ ଦେଇଥିଲେ ବିଭିନ୍ନ ବିଭାଗ ଅଧିକାରୀ ଉପସ୍ଥିତ ଥିଲେ ସମାଜ ସେବା ଜନସାଧାରଣ ଉନ୍ନୟନ ପ୍ରକଳ୍ପ ପରିଚାଳନା ଶିକ୍ଷା ସ୍ୱାସ୍ଥ୍ୟ କୃଷି ଯୋଜନା ନିର୍ଦ୍ଦେଶ ପ୍ରଦାନ କରିଥିଲେ ଜିଲ୍ଲା ପ୍ରଶାସନ ବ୍ୟବସ୍ଥା ସୁଦୃଢ଼ କରିବାକୁ ଆହ୍ୱାନ ଦେଇଥିଲେ	ଭୁବନେଶ୍ୱର ରାଜ୍ୟ ସରକାର ଓଡ଼ିଶା ମୁଖ୍ୟମନ୍ତ୍ରୀ ଉଦ୍ଯୋଗ ଅଭିଯାନ ସମ୍ବାଦ ପ୍ରତିଷ୍ଠାନ କାର୍ଯ୍ୟକ୍ରମ ଆୟୋଜିତ ହୋଇଥିଲା ଏବଂ ଏଥିରେ ବହୁ ବିଶିଷ୍ଟ ବ୍ୟକ୍ତି ଯୋଗ ଦେଇଥିଲେ ବିଭିନ୍ନ ବିଭାଗ ଅଧିକାରୀ ଉପସ୍ଥିତ ଥିଲେ ସମାଜ ସେବା ଜନସାଧାରଣ ଉନ୍ନୟନ ପ୍ରକଳ୍ପ ପରିଚାଳନା ଶିକ୍ଷା ସ୍ୱାସ୍ଥ୍ୟ କୃଷି ଯୋଜନା ନିର୍ଦ୍ଦେଶ ପ୍ରଦାନ କରିଥିଲେ ଜିଲ୍ଲା ପ୍ରଶାସନ ବ୍ୟବସ୍ଥା ସୁଦୃଢ଼ କରିବାକୁ ଆହ୍ୱାନ ଦେଇଥିଲେ
